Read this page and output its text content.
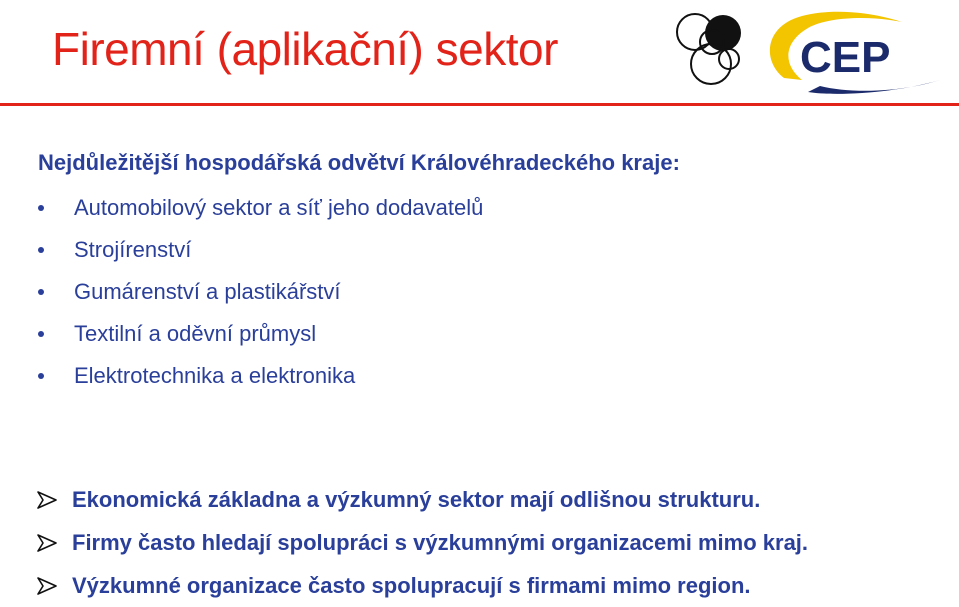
Firemní (aplikační) sektor	CEP
Nejdůležitější hospodářská odvětví Královéhradeckého kraje:
Automobilový sektor a síť jeho dodavatelů
Strojírenství
Gumárenství a plastikářství
Textilní a oděvní průmysl
Elektrotechnika a elektronika
Ekonomická základna a výzkumný sektor mají odlišnou strukturu.
Firmy často hledají spolupráci s výzkumnými organizacemi mimo kraj.
Výzkumné organizace často spolupracují s firmami mimo region.
